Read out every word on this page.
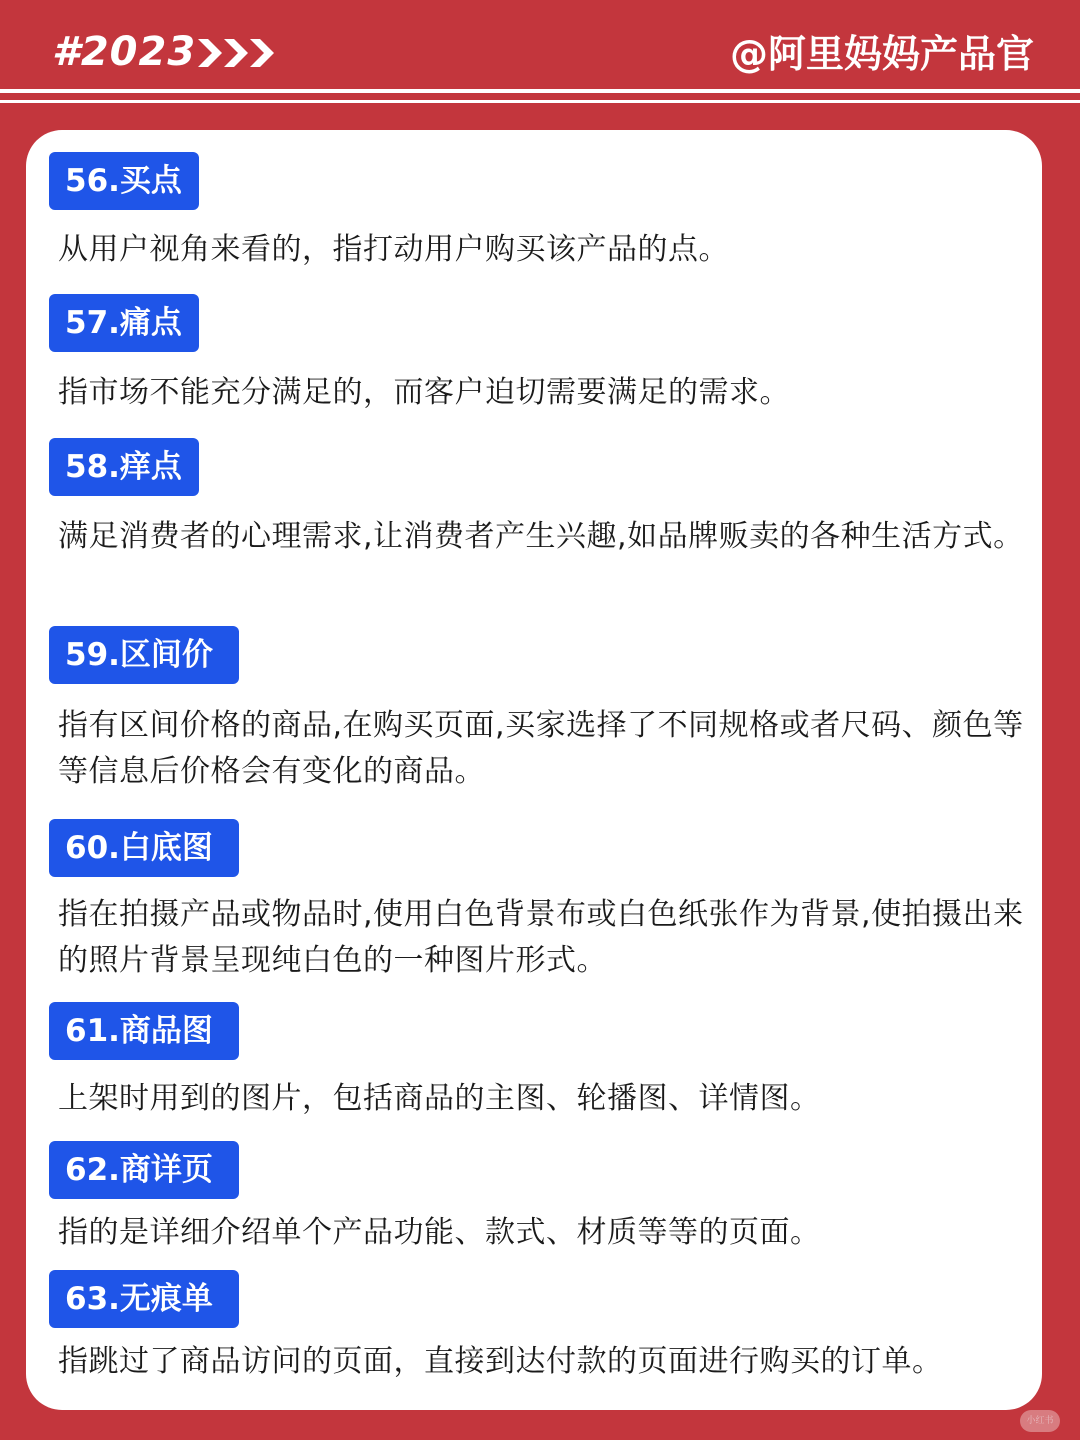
#2023	@阿里妈妈产品官
56.买点
从用户视角来看的，指打动用户购买该产品的点。
57.痛点
指市场不能充分满足的，而客户迫切需要满足的需求。
58.痒点
满足消费者的心理需求,让消费者产生兴趣,如品牌贩卖的各种生活方式。
59.区间价
指有区间价格的商品,在购买页面,买家选择了不同规格或者尺码、颜色等等信息后价格会有变化的商品。
60.白底图
指在拍摄产品或物品时,使用白色背景布或白色纸张作为背景,使拍摄出来的照片背景呈现纯白色的一种图片形式。
61.商品图
上架时用到的图片，包括商品的主图、轮播图、详情图。
62.商详页
指的是详细介绍单个产品功能、款式、材质等等的页面。
63.无痕单
指跳过了商品访问的页面，直接到达付款的页面进行购买的订单。
小红书
